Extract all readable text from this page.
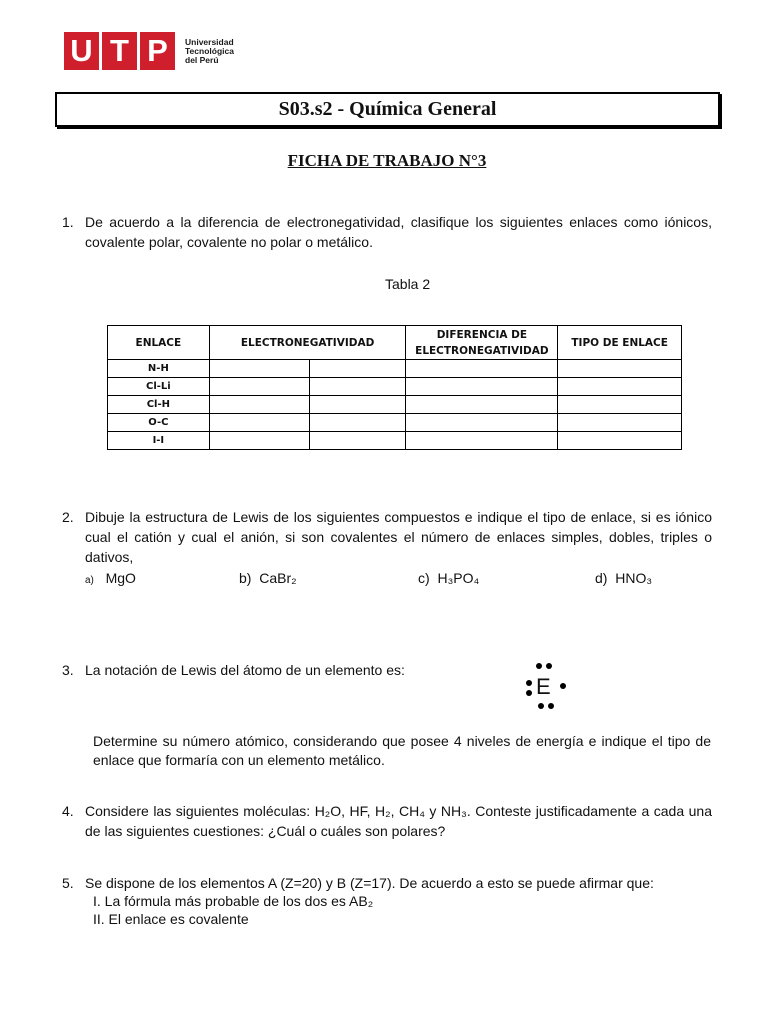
U T P	Universidad
Tecnológica
del Perú
S03.s2 - Química General
FICHA DE TRABAJO N°3
1. De acuerdo a la diferencia de electronegatividad, clasifique los siguientes enlaces como iónicos, covalente polar, covalente no polar o metálico.
Tabla 2
ENLACE	ELECTRONEGATIVIDAD		DIFERENCIA DE ELECTRONEGATIVIDAD	TIPO DE ENLACE
N-H				
Cl-Li				
Cl-H				
O-C				
I-I				
2. Dibuje la estructura de Lewis de los siguientes compuestos e indique el tipo de enlace, si es iónico cual el catión y cual el anión, si son covalentes el número de enlaces simples, dobles, triples o dativos,
a) MgO	b) CaBr₂	c) H₃PO₄	d) HNO₃
3. La notación de Lewis del átomo de un elemento es:
E
Determine su número atómico, considerando que posee 4 niveles de energía e indique el tipo de enlace que formaría con un elemento metálico.
4. Considere las siguientes moléculas: H₂O, HF, H₂, CH₄ y NH₃. Conteste justificadamente a cada una de las siguientes cuestiones: ¿Cuál o cuáles son polares?
5. Se dispone de los elementos A (Z=20) y B (Z=17). De acuerdo a esto se puede afirmar que:
I. La fórmula más probable de los dos es AB₂
II. El enlace es covalente
